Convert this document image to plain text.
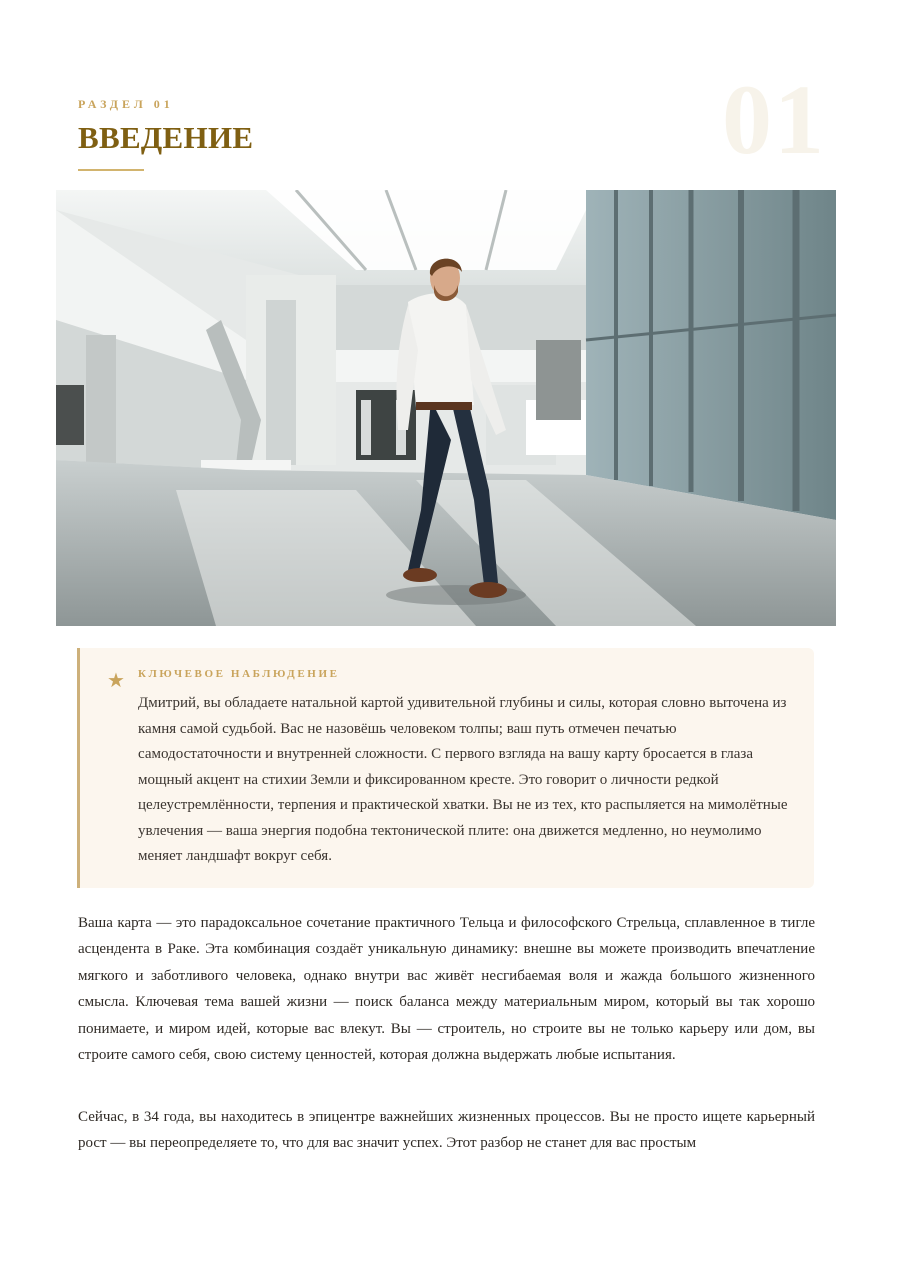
01
РАЗДЕЛ 01
ВВЕДЕНИЕ
★ КЛЮЧЕВОЕ НАБЛЮДЕНИЕ

Дмитрий, вы обладаете натальной картой удивительной глубины и силы, которая словно выточена из камня самой судьбой. Вас не назовёшь человеком толпы; ваш путь отмечен печатью самодостаточности и внутренней сложности. С первого взгляда на вашу карту бросается в глаза мощный акцент на стихии Земли и фиксированном кресте. Это говорит о личности редкой целеустремлённости, терпения и практической хватки. Вы не из тех, кто распыляется на мимолётные увлечения — ваша энергия подобна тектонической плите: она движется медленно, но неумолимо меняет ландшафт вокруг себя.

Ваша карта — это парадоксальное сочетание практичного Тельца и философского Стрельца, сплавленное в тигле асцендента в Раке. Эта комбинация создаёт уникальную динамику: внешне вы можете производить впечатление мягкого и заботливого человека, однако внутри вас живёт несгибаемая воля и жажда большого жизненного смысла. Ключевая тема вашей жизни — поиск баланса между материальным миром, который вы так хорошо понимаете, и миром идей, которые вас влекут. Вы — строитель, но строите вы не только карьеру или дом, вы строите самого себя, свою систему ценностей, которая должна выдержать любые испытания.

Сейчас, в 34 года, вы находитесь в эпицентре важнейших жизненных процессов. Вы не просто ищете карьерный рост — вы переопределяете то, что для вас значит успех. Этот разбор не станет для вас простым
